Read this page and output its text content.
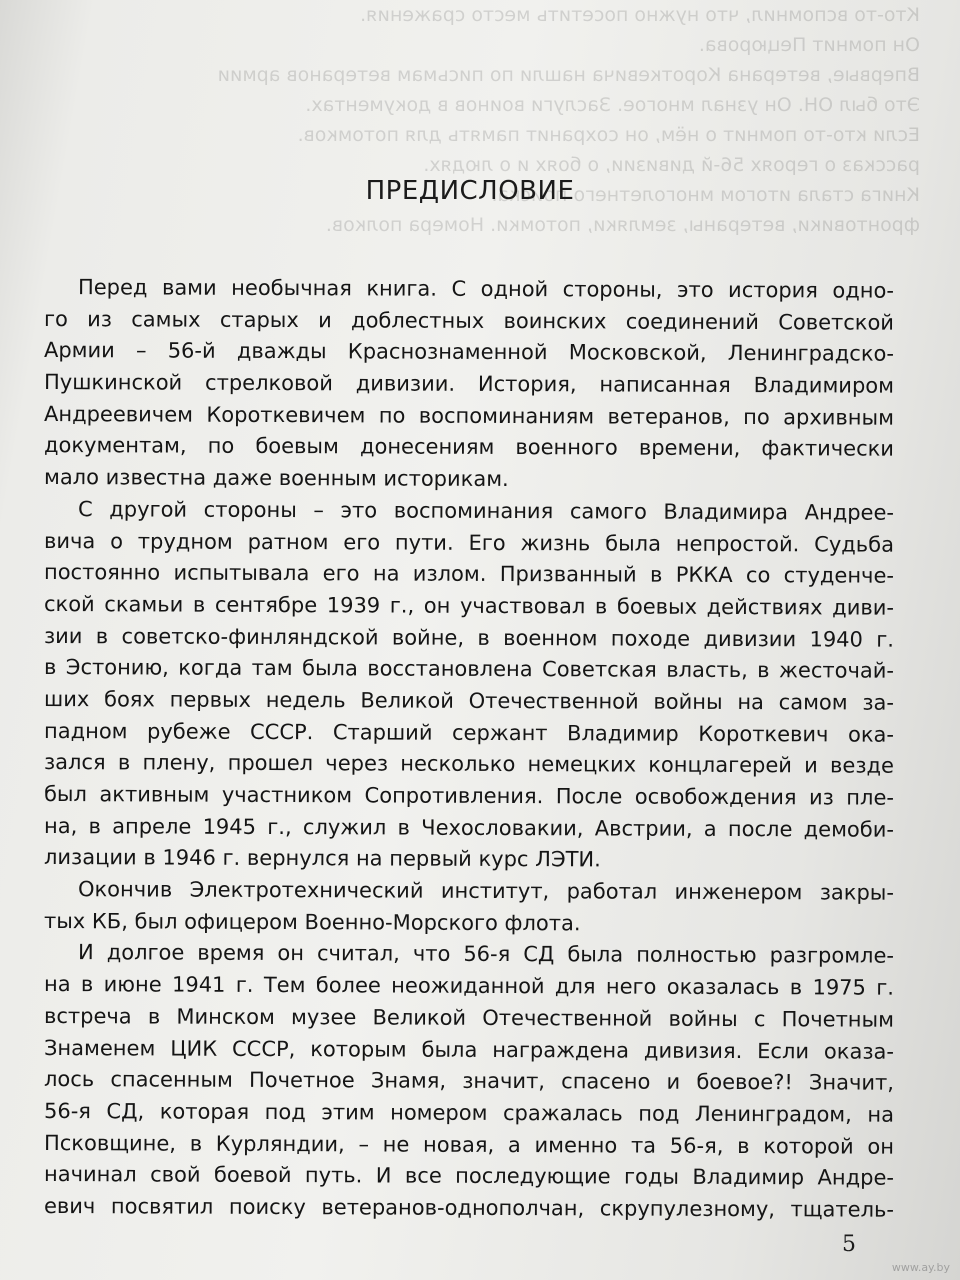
Кто-то вспомнил, что нужно посетить место сражения.

Он помнит Пецюрова.

Впервые, ветерана Короткевича нашли по письмам ветеранов армии

Это был ОН. Он узнал многое. Заслуги воинов в документах.

Если кто-то помнит о нём, он сохранит память для потомков.

рассказ о героях 56-й дивизии, о боях и о людях.

Книга стала итогом многолетнего поиска.

фронтовики, ветераны, земляки, потомки. Номера полков.

ПРЕДИСЛОВИЕ
Перед вами необычная книга. С одной стороны, это история одно-
го из самых старых и доблестных воинских соединений Советской
Армии – 56-й дважды Краснознаменной Московской, Ленинградско-
Пушкинской стрелковой дивизии. История, написанная Владимиром
Андреевичем Короткевичем по воспоминаниям ветеранов, по архивным
документам, по боевым донесениям военного времени, фактически
мало известна даже военным историкам.
С другой стороны – это воспоминания самого Владимира Андрее-
вича о трудном ратном его пути. Его жизнь была непростой. Судьба
постоянно испытывала его на излом. Призванный в РККА со студенче-
ской скамьи в сентябре 1939 г., он участвовал в боевых действиях диви-
зии в советско-финляндской войне, в военном походе дивизии 1940 г.
в Эстонию, когда там была восстановлена Советская власть, в жесточай-
ших боях первых недель Великой Отечественной войны на самом за-
падном рубеже СССР. Старший сержант Владимир Короткевич ока-
зался в плену, прошел через несколько немецких концлагерей и везде
был активным участником Сопротивления. После освобождения из пле-
на, в апреле 1945 г., служил в Чехословакии, Австрии, а после демоби-
лизации в 1946 г. вернулся на первый курс ЛЭТИ.
Окончив Электротехнический институт, работал инженером закры-
тых КБ, был офицером Военно-Морского флота.
И долгое время он считал, что 56-я СД была полностью разгромле-
на в июне 1941 г. Тем более неожиданной для него оказалась в 1975 г.
встреча в Минском музее Великой Отечественной войны с Почетным
Знаменем ЦИК СССР, которым была награждена дивизия. Если оказа-
лось спасенным Почетное Знамя, значит, спасено и боевое?! Значит,
56-я СД, которая под этим номером сражалась под Ленинградом, на
Псковщине, в Курляндии, – не новая, а именно та 56-я, в которой он
начинал свой боевой путь. И все последующие годы Владимир Андре-
евич посвятил поиску ветеранов-однополчан, скрупулезному, тщатель-

5

www.ay.by
